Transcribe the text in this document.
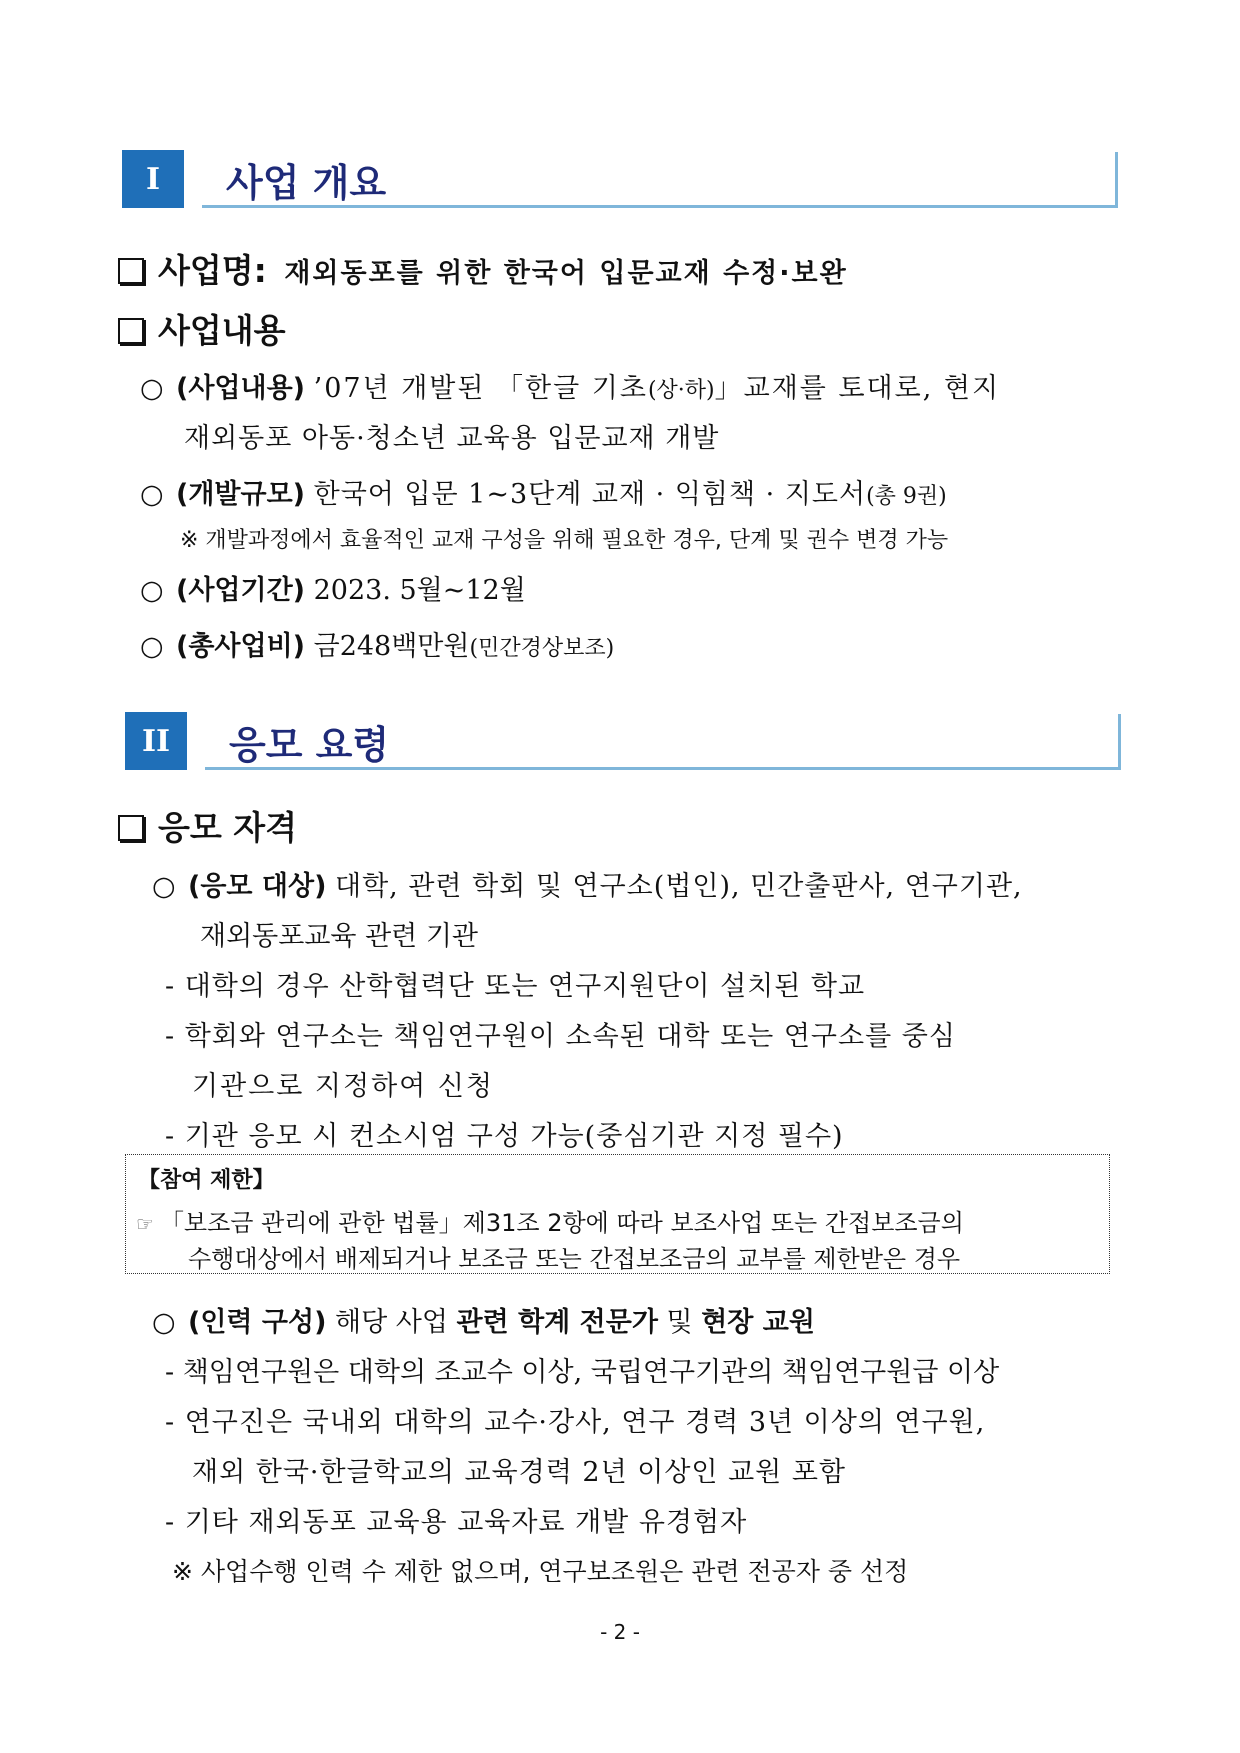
I	사업 개요
사업명: 재외동포를 위한 한국어 입문교재 수정·보완
사업내용
○ (사업내용) ’07년 개발된 「한글 기초(상·하)」교재를 토대로, 현지
재외동포 아동·청소년 교육용 입문교재 개발
○ (개발규모) 한국어 입문 1~3단계 교재 · 익힘책 · 지도서(총 9권)
※ 개발과정에서 효율적인 교재 구성을 위해 필요한 경우, 단계 및 권수 변경 가능
○ (사업기간) 2023. 5월~12월
○ (총사업비) 금248백만원(민간경상보조)
II	응모 요령
응모 자격
○ (응모 대상) 대학, 관련 학회 및 연구소(법인), 민간출판사, 연구기관,
재외동포교육 관련 기관
- 대학의 경우 산학협력단 또는 연구지원단이 설치된 학교
- 학회와 연구소는 책임연구원이 소속된 대학 또는 연구소를 중심
기관으로 지정하여 신청
- 기관 응모 시 컨소시엄 구성 가능(중심기관 지정 필수)
【참여 제한】
☞ 「보조금 관리에 관한 법률」제31조 2항에 따라 보조사업 또는 간접보조금의
수행대상에서 배제되거나 보조금 또는 간접보조금의 교부를 제한받은 경우
○ (인력 구성) 해당 사업 관련 학계 전문가 및 현장 교원
- 책임연구원은 대학의 조교수 이상, 국립연구기관의 책임연구원급 이상
- 연구진은 국내외 대학의 교수·강사, 연구 경력 3년 이상의 연구원,
재외 한국·한글학교의 교육경력 2년 이상인 교원 포함
- 기타 재외동포 교육용 교육자료 개발 유경험자
※ 사업수행 인력 수 제한 없으며, 연구보조원은 관련 전공자 중 선정
- 2 -
